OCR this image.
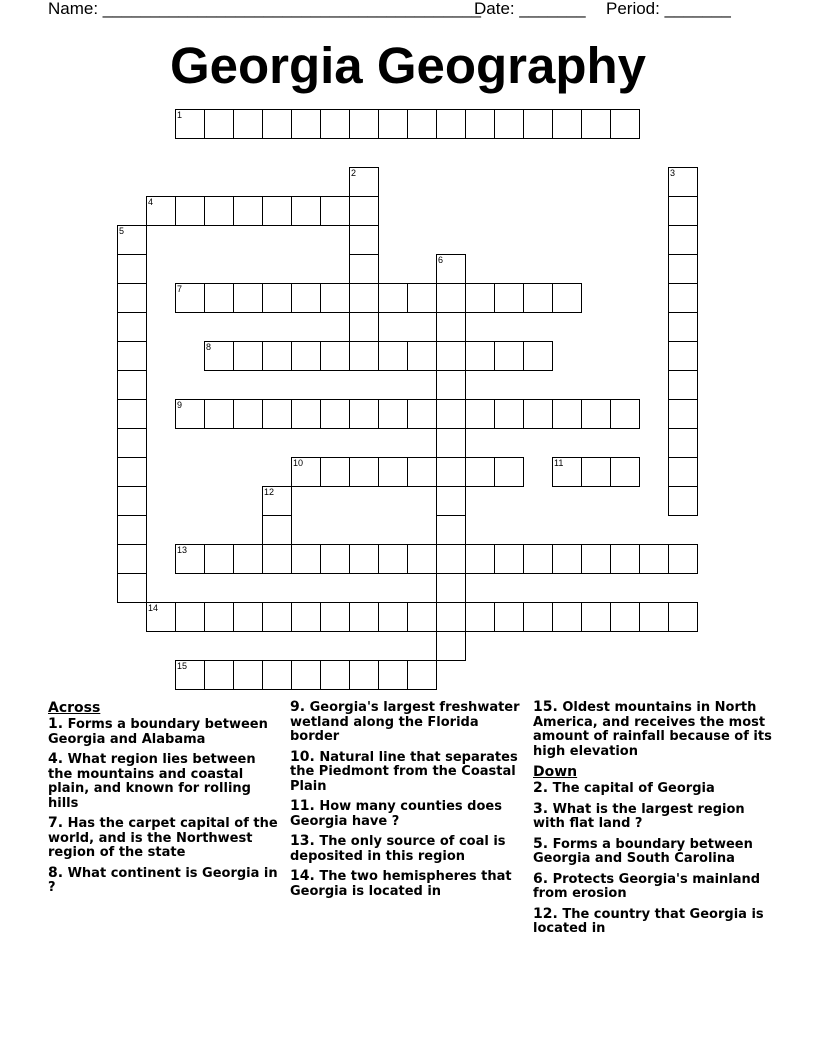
Name: ________________________________________
Date: _______ Period: _______
Georgia Geography
1
2	3
4
5
6
7
8
9
10	11
12
13
14
15
Across
1. Forms a boundary between Georgia and Alabama
4. What region lies between the mountains and coastal plain, and known for rolling hills
7. Has the carpet capital of the world, and is the Northwest region of the state
8. What continent is Georgia in ?
9. Georgia's largest freshwater wetland along the Florida border
10. Natural line that separates the Piedmont from the Coastal Plain
11. How many counties does Georgia have ?
13. The only source of coal is deposited in this region
14. The two hemispheres that Georgia is located in
15. Oldest mountains in North America, and receives the most amount of rainfall because of its high elevation
Down
2. The capital of Georgia
3. What is the largest region with flat land ?
5. Forms a boundary between Georgia and South Carolina
6. Protects Georgia's mainland from erosion
12. The country that Georgia is located in
